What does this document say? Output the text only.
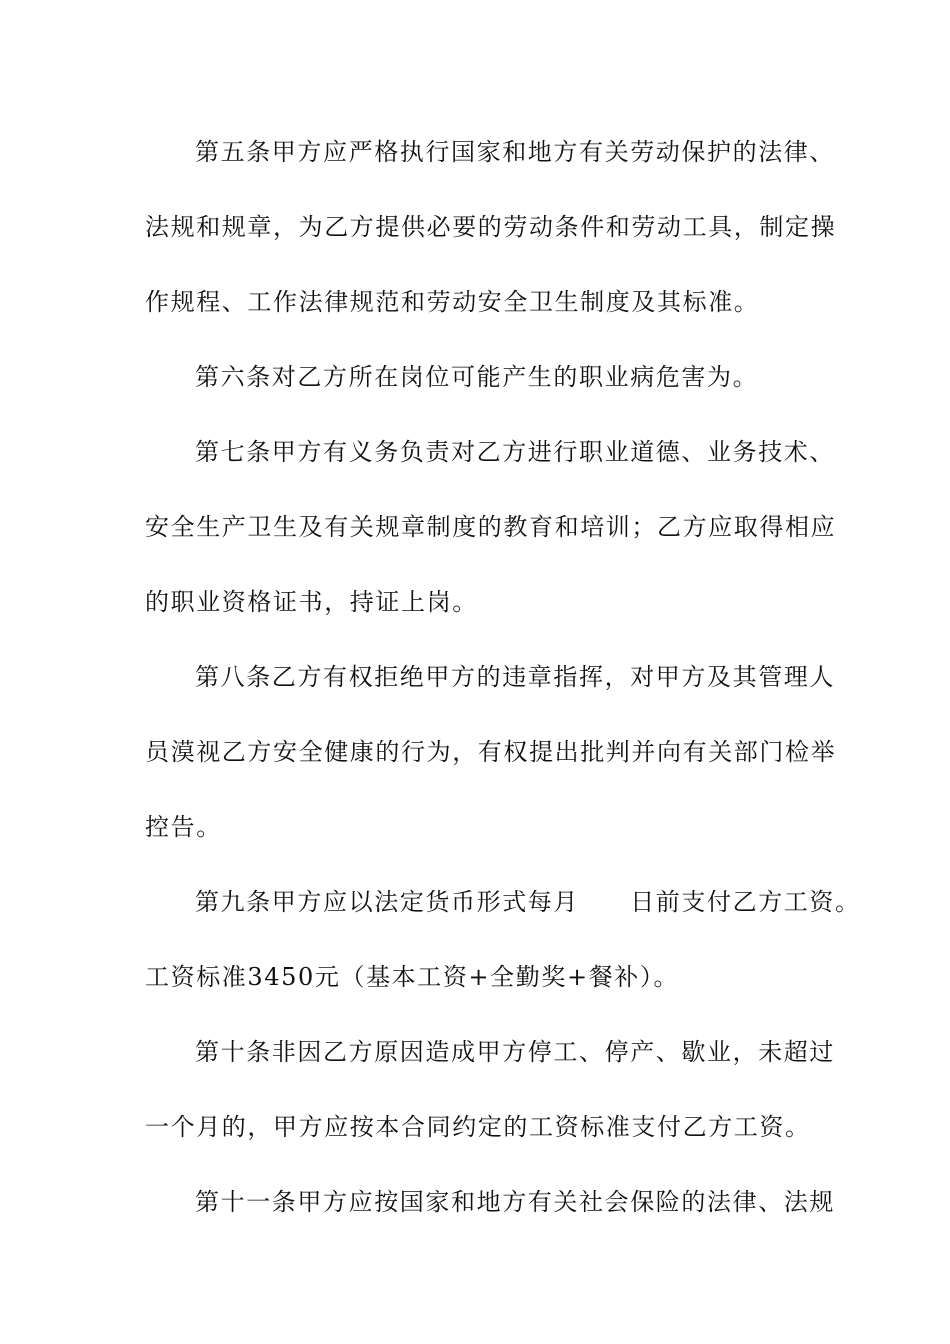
第五条甲方应严格执行国家和地方有关劳动保护的法律、
法规和规章，为乙方提供必要的劳动条件和劳动工具，制定操
作规程、工作法律规范和劳动安全卫生制度及其标准。
第六条对乙方所在岗位可能产生的职业病危害为。
第七条甲方有义务负责对乙方进行职业道德、业务技术、
安全生产卫生及有关规章制度的教育和培训；乙方应取得相应
的职业资格证书，持证上岗。
第八条乙方有权拒绝甲方的违章指挥，对甲方及其管理人
员漠视乙方安全健康的行为，有权提出批判并向有关部门检举
控告。
第九条甲方应以法定货币形式每月　　日前支付乙方工资。
工资标准3450元（基本工资+全勤奖+餐补）。
第十条非因乙方原因造成甲方停工、停产、歇业，未超过
一个月的，甲方应按本合同约定的工资标准支付乙方工资。
第十一条甲方应按国家和地方有关社会保险的法律、法规
